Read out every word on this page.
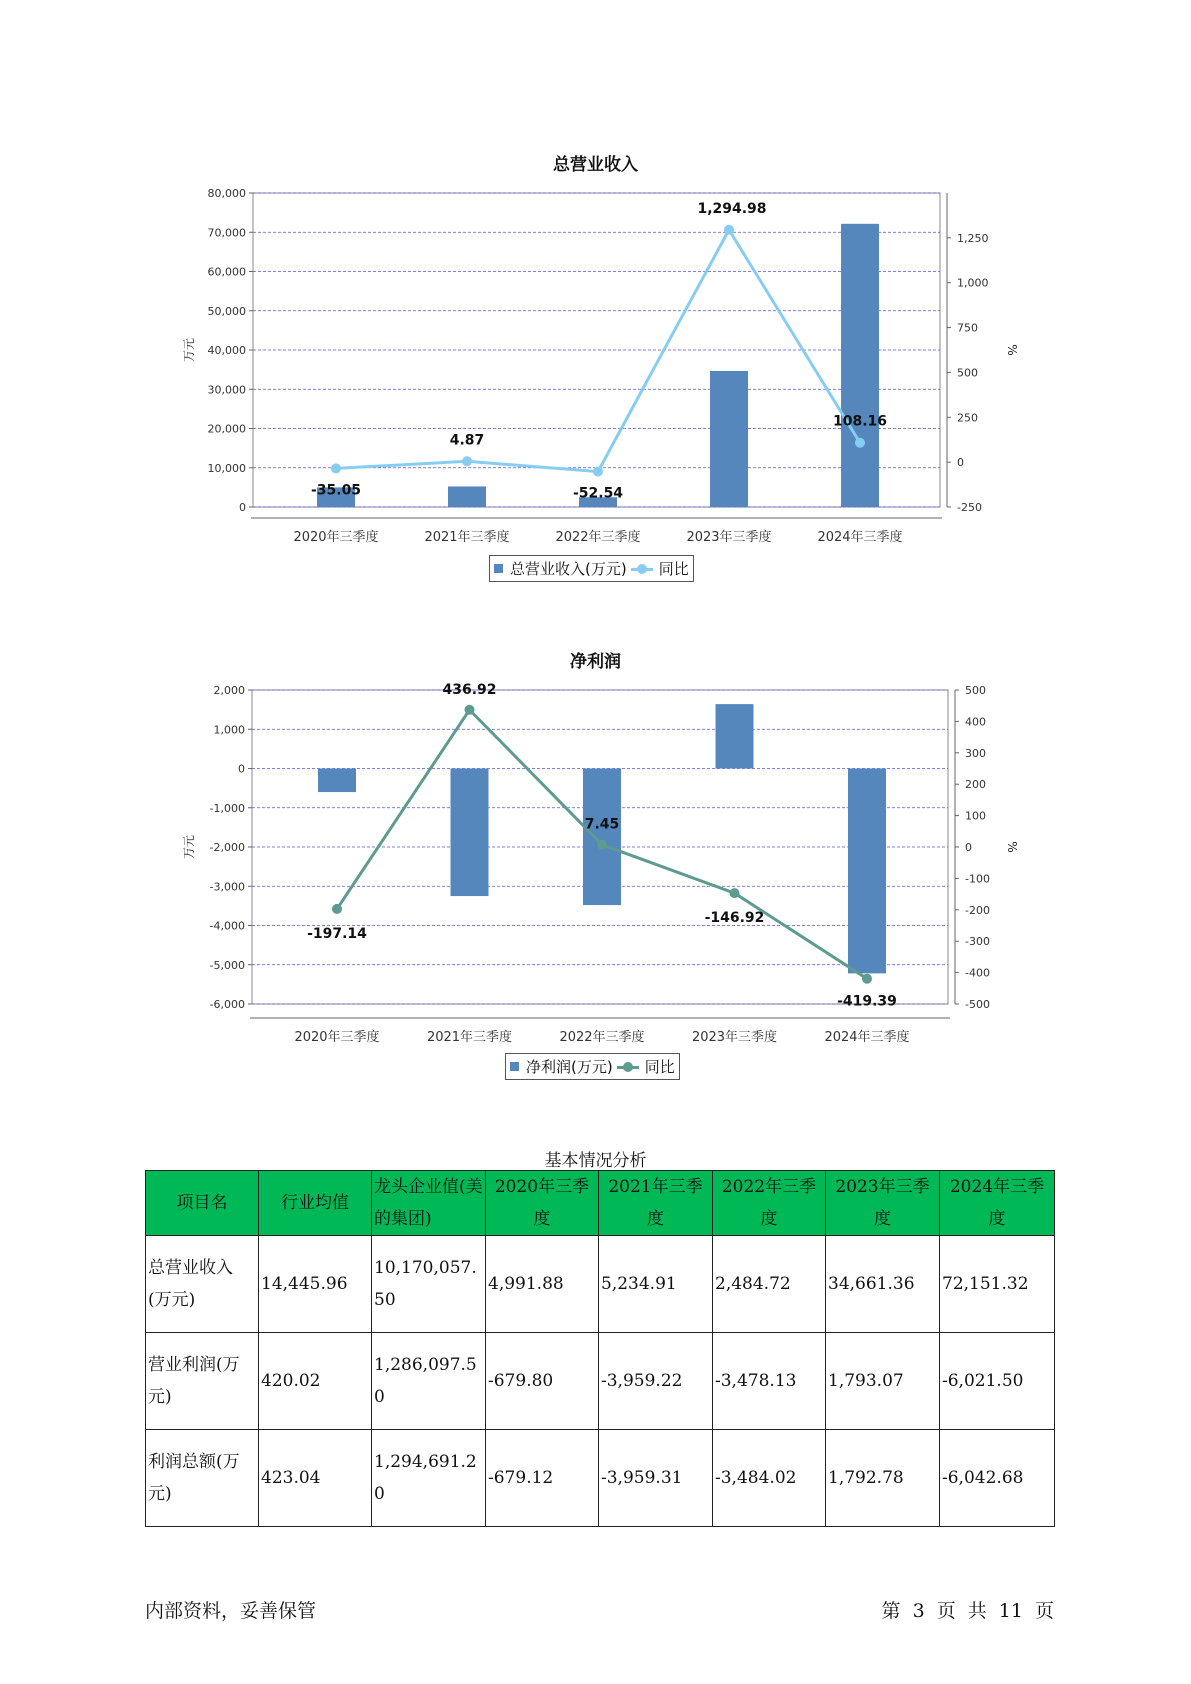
总营业收入
0
10,000
20,000
30,000
40,000
50,000
60,000
70,000
80,000
-250
0
250
500
750
1,000
1,250
万元	%
2020年三季度	2021年三季度	2022年三季度	2023年三季度	2024年三季度
-35.05
4.87
-52.54
1,294.98
108.16
总营业收入(万元) 同比
净利润
-6,000
-5,000
-4,000
-3,000
-2,000
-1,000
0
1,000
2,000
-500
-400
-300
-200
-100
0
100
200
300
400
500
万元	%
2020年三季度	2021年三季度	2022年三季度	2023年三季度	2024年三季度
-197.14
436.92
7.45
-146.92
-419.39
净利润(万元) 同比
基本情况分析
项目名	行业均值	龙头企业值(美的集团)	2020年三季度	2021年三季度	2022年三季度	2023年三季度	2024年三季度
总营业收入(万元)	14,445.96	10,170,057.50	4,991.88	5,234.91	2,484.72	34,661.36	72,151.32
营业利润(万元)	420.02	1,286,097.50	-679.80	-3,959.22	-3,478.13	1,793.07	-6,021.50
利润总额(万元)	423.04	1,294,691.20	-679.12	-3,959.31	-3,484.02	1,792.78	-6,042.68
内部资料，妥善保管	第 3 页 共 11 页
